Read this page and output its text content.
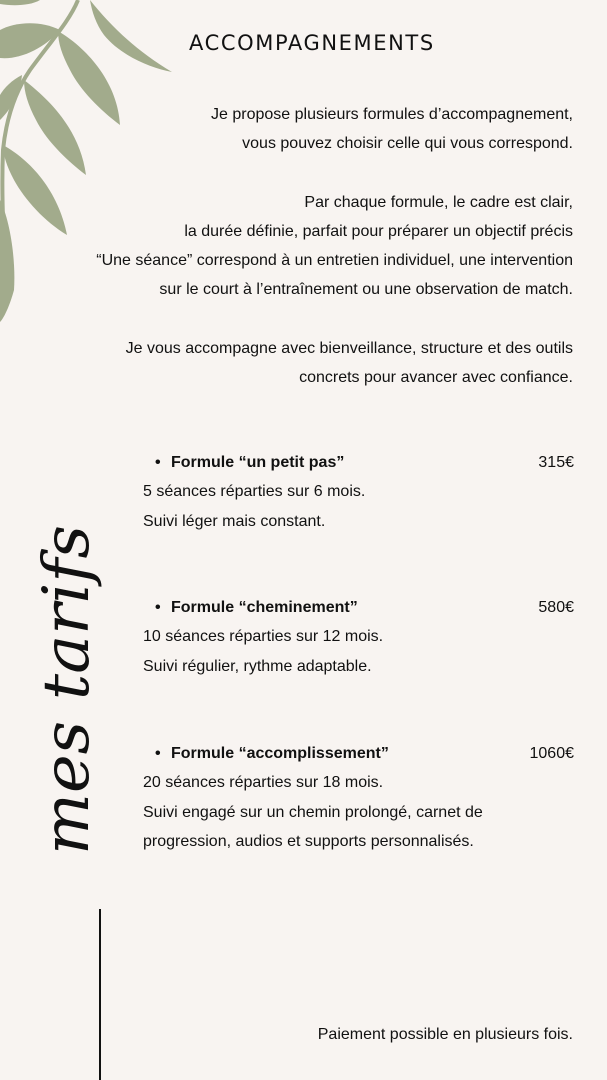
ACCOMPAGNEMENTS

Je propose plusieurs formules d’accompagnement,

vous pouvez choisir celle qui vous correspond.

Par chaque formule, le cadre est clair,

la durée définie, parfait pour préparer un objectif précis

“Une séance” correspond à un entretien individuel, une intervention

sur le court à l’entraînement ou une observation de match.

Je vous accompagne avec bienveillance, structure et des outils

concrets pour avancer avec confiance.

mes tarifs
• Formule “un petit pas”	315€

5 séances réparties sur 6 mois.

Suivi léger mais constant.

• Formule “cheminement”	580€

10 séances réparties sur 12 mois.

Suivi régulier, rythme adaptable.

• Formule “accomplissement”	1060€

20 séances réparties sur 18 mois.

Suivi engagé sur un chemin prolongé, carnet de progression, audios et supports personnalisés.

Paiement possible en plusieurs fois.
